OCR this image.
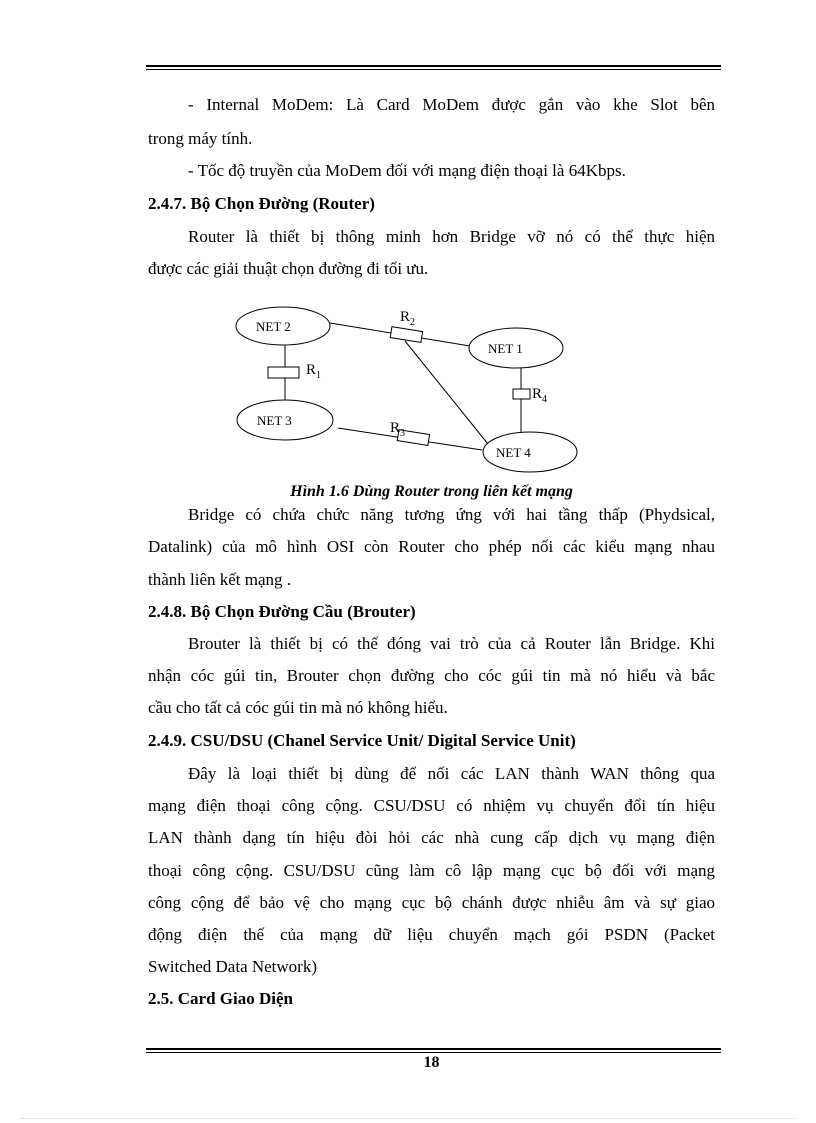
- Internal MoDem: Là Card MoDem được gắn vào khe Slot bên
trong máy tính.
- Tốc độ truyền của MoDem đối với mạng điện thoại là 64Kbps.
2.4.7. Bộ Chọn Đường (Router)
Router là thiết bị thông minh hơn Bridge vỡ nó có thể thực hiện
được các giải thuật chọn đường đi tối ưu.
NET 2
NET 1
NET 3
NET 4
$R_1$
$R_2$
$R_3$
$R_4$
Hình 1.6 Dùng Router trong liên kết mạng
Bridge có chứa chức năng tương ứng với hai tầng thấp (Phydsical,
Datalink) của mô hình OSI còn Router cho phép nối các kiểu mạng nhau
thành liên kết mạng .
2.4.8. Bộ Chọn Đường Cầu (Brouter)
Brouter là thiết bị có thể đóng vai trò của cả Router lẫn Bridge. Khi
nhận cóc gúi tin, Brouter chọn đường cho cóc gúi tin mà nó hiểu và bắc
cầu cho tất cả cóc gúi tin mà nó không hiểu.
2.4.9. CSU/DSU (Chanel Service Unit/ Digital Service Unit)
Đây là loại thiết bị dùng để nối các LAN thành WAN thông qua
mạng điện thoại công cộng. CSU/DSU có nhiệm vụ chuyển đổi tín hiệu
LAN thành dạng tín hiệu đòi hỏi các nhà cung cấp dịch vụ mạng điện
thoại công cộng. CSU/DSU cũng làm cô lập mạng cục bộ đối với mạng
công cộng để bảo vệ cho mạng cục bộ chánh được nhiễu âm và sự giao
động điện thế của mạng dữ liệu chuyển mạch gói PSDN (Packet
Switched Data Network)
2.5. Card Giao Diện
18
